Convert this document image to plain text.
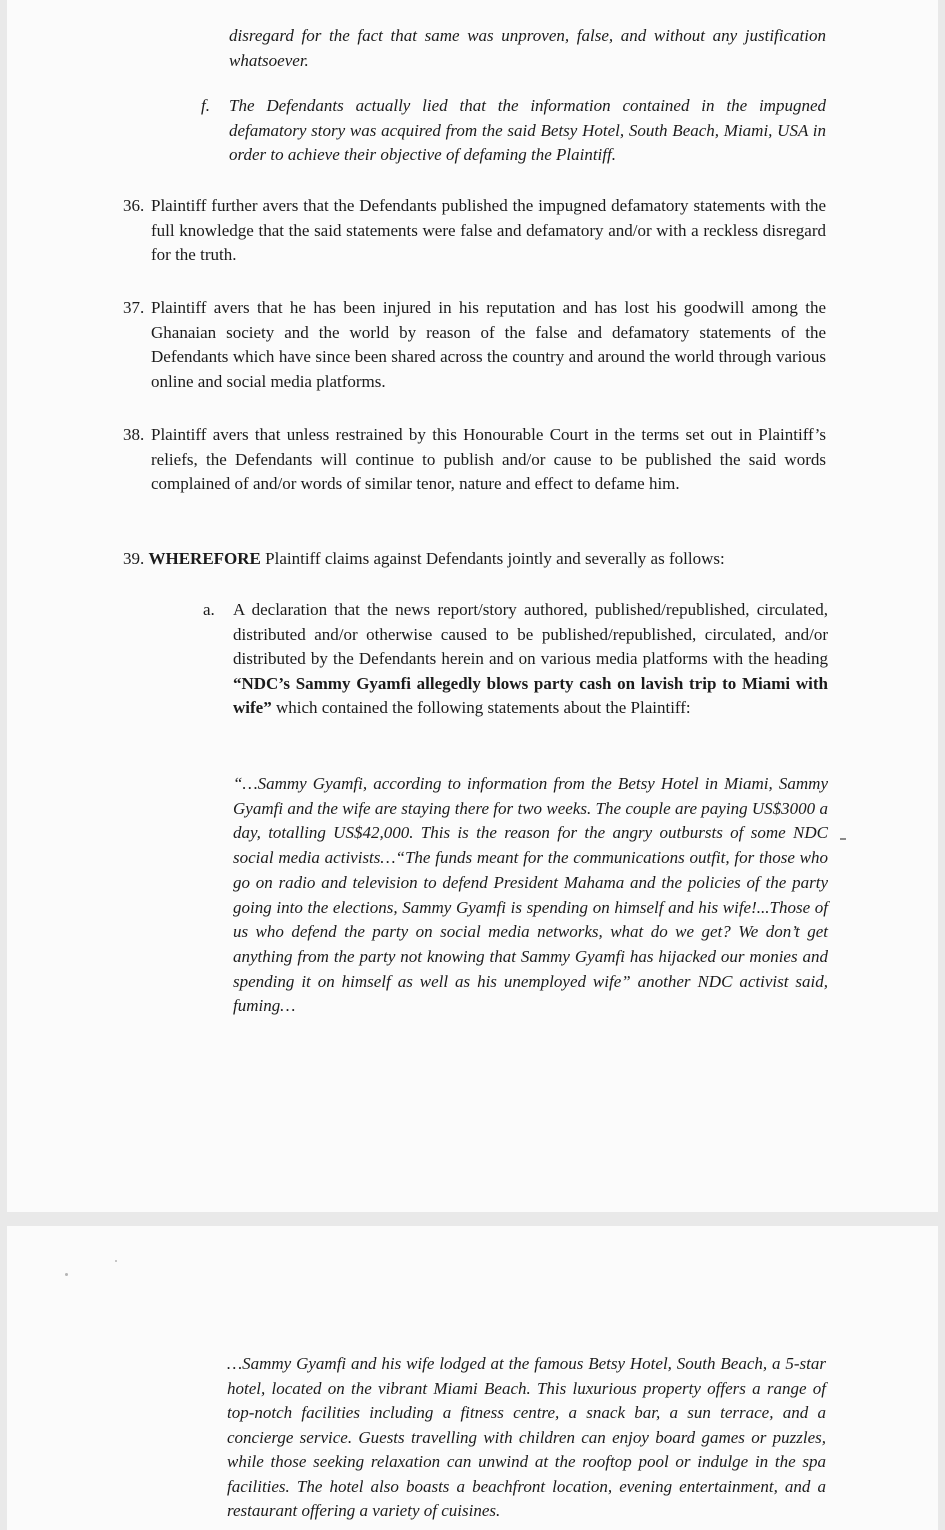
disregard for the fact that same was unproven, false, and without any justification whatsoever.
f. The Defendants actually lied that the information contained in the impugned defamatory story was acquired from the said Betsy Hotel, South Beach, Miami, USA in order to achieve their objective of defaming the Plaintiff.
36. Plaintiff further avers that the Defendants published the impugned defamatory statements with the full knowledge that the said statements were false and defamatory and/or with a reckless disregard for the truth.
37. Plaintiff avers that he has been injured in his reputation and has lost his goodwill among the Ghanaian society and the world by reason of the false and defamatory statements of the Defendants which have since been shared across the country and around the world through various online and social media platforms.
38. Plaintiff avers that unless restrained by this Honourable Court in the terms set out in Plaintiff’s reliefs, the Defendants will continue to publish and/or cause to be published the said words complained of and/or words of similar tenor, nature and effect to defame him.
39. WHEREFORE Plaintiff claims against Defendants jointly and severally as follows:
a. A declaration that the news report/story authored, published/republished, circulated, distributed and/or otherwise caused to be published/republished, circulated, and/or distributed by the Defendants herein and on various media platforms with the heading “NDC’s Sammy Gyamfi allegedly blows party cash on lavish trip to Miami with wife” which contained the following statements about the Plaintiff:
“…Sammy Gyamfi, according to information from the Betsy Hotel in Miami, Sammy Gyamfi and the wife are staying there for two weeks. The couple are paying US$3000 a day, totalling US$42,000. This is the reason for the angry outbursts of some NDC social media activists…“The funds meant for the communications outfit, for those who go on radio and television to defend President Mahama and the policies of the party going into the elections, Sammy Gyamfi is spending on himself and his wife!...Those of us who defend the party on social media networks, what do we get? We don’t get anything from the party not knowing that Sammy Gyamfi has hijacked our monies and spending it on himself as well as his unemployed wife” another NDC activist said, fuming…
…Sammy Gyamfi and his wife lodged at the famous Betsy Hotel, South Beach, a 5-star hotel, located on the vibrant Miami Beach. This luxurious property offers a range of top-notch facilities including a fitness centre, a snack bar, a sun terrace, and a concierge service. Guests travelling with children can enjoy board games or puzzles, while those seeking relaxation can unwind at the rooftop pool or indulge in the spa facilities. The hotel also boasts a beachfront location, evening entertainment, and a restaurant offering a variety of cuisines.
